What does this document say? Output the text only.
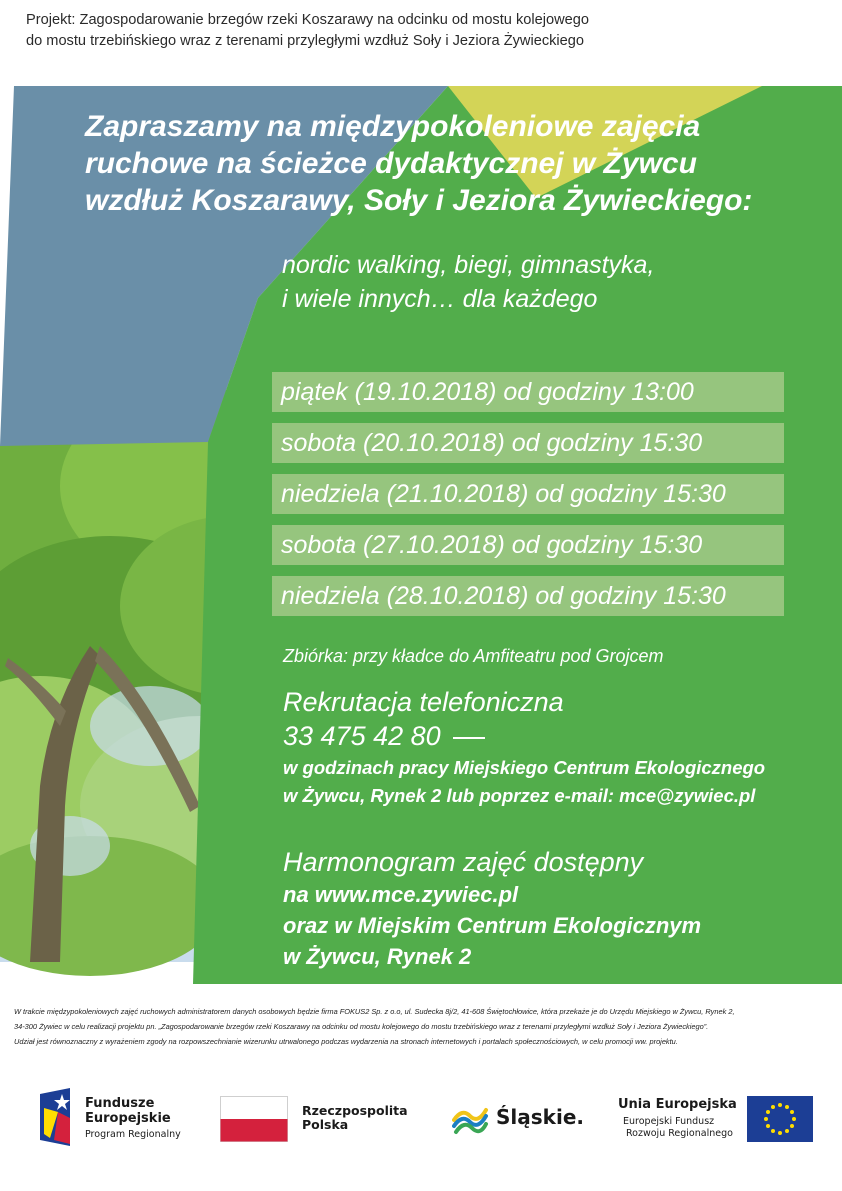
Projekt: Zagospodarowanie brzegów rzeki Koszarawy na odcinku od mostu kolejowego
do mostu trzebińskiego wraz z terenami przyległymi wzdłuż Soły i Jeziora Żywieckiego
Zapraszamy na międzypokoleniowe zajęcia
ruchowe na ścieżce dydaktycznej w Żywcu
wzdłuż Koszarawy, Soły i Jeziora Żywieckiego:
nordic walking, biegi, gimnastyka,
i wiele innych… dla każdego
piątek (19.10.2018) od godziny 13:00
sobota (20.10.2018) od godziny 15:30
niedziela (21.10.2018) od godziny 15:30
sobota (27.10.2018) od godziny 15:30
niedziela (28.10.2018) od godziny 15:30
Zbiórka: przy kładce do Amfiteatru pod Grojcem
Rekrutacja telefoniczna
33 475 42 80
w godzinach pracy Miejskiego Centrum Ekologicznego
w Żywcu, Rynek 2 lub poprzez e-mail: mce@zywiec.pl
Harmonogram zajęć dostępny
na www.mce.zywiec.pl
oraz w Miejskim Centrum Ekologicznym
w Żywcu, Rynek 2
W trakcie międzypokoleniowych zajęć ruchowych administratorem danych osobowych będzie firma FOKUS2 Sp. z o.o, ul. Sudecka 8j/2, 41-608 Świętochłowice, która przekaże je do Urzędu Miejskiego w Żywcu, Rynek 2,
34-300 Żywiec w celu realizacji projektu pn. „Zagospodarowanie brzegów rzeki Koszarawy na odcinku od mostu kolejowego do mostu trzebińskiego wraz z terenami przyległymi wzdłuż Soły i Jeziora Żywieckiego”.
Udział jest równoznaczny z wyrażeniem zgody na rozpowszechnianie wizerunku utrwalonego podczas wydarzenia na stronach internetowych i portalach społecznościowych, w celu promocji ww. projektu.
Fundusze
Europejskie
Program Regionalny
Rzeczpospolita
Polska	Śląskie.
Unia Europejska
Europejski Fundusz
Rozwoju Regionalnego
